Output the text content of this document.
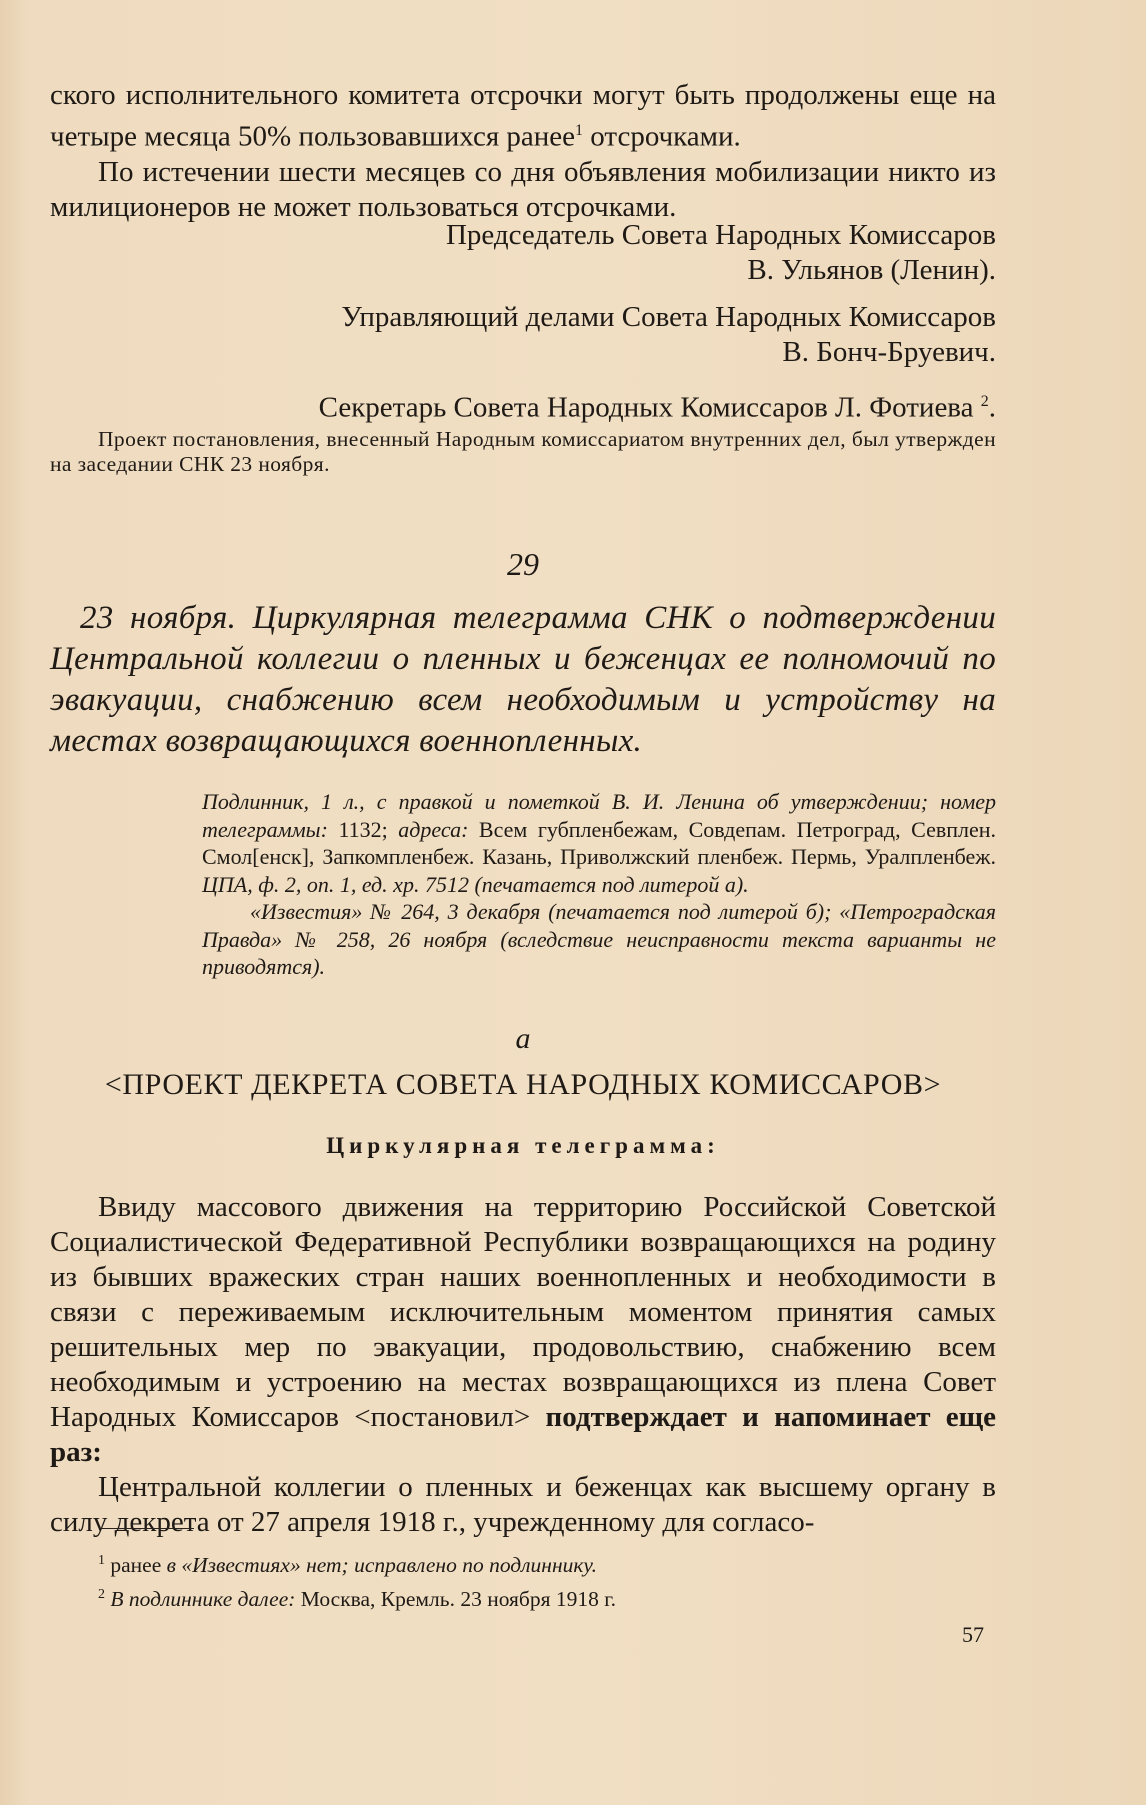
ского исполнительного комитета отсрочки могут быть продолжены еще на четыре месяца 50% пользовавшихся ранее$^1$ отсрочками.

По истечении шести месяцев со дня объявления мобилизации никто из милиционеров не может пользоваться отсрочками.

Председатель Совета Народных Комиссаров

В. Ульянов (Ленин).

Управляющий делами Совета Народных Комиссаров

В. Бонч-Бруевич.

Секретарь Совета Народных Комиссаров Л. Фотиева $^2$.

Проект постановления, внесенный Народным комиссариатом внутренних дел, был утвержден на заседании СНК 23 ноября.

29

23 ноября. Циркулярная телеграмма СНК о подтверждении Центральной коллегии о пленных и беженцах ее полномочий по эвакуации, снабжению всем необходимым и устройству на местах возвращающихся военнопленных.

Подлинник, 1 л., с правкой и пометкой В. И. Ленина об утверждении; номер телеграммы: 1132; адреса: Всем губпленбежам, Совдепам. Петроград, Севплен. Смол[енск], Запкомпленбеж. Казань, Приволжский пленбеж. Пермь, Уралпленбеж. ЦПА, ф. 2, оп. 1, ед. хр. 7512 (печатается под литерой а).

«Известия» № 264, 3 декабря (печатается под литерой б); «Петроградская Правда» № 258, 26 ноября (вследствие неисправности текста варианты не приводятся).

а

<ПРОЕКТ ДЕКРЕТА СОВЕТА НАРОДНЫХ КОМИССАРОВ>

Циркулярная телеграмма:

Ввиду массового движения на территорию Российской Советской Социалистической Федеративной Республики возвращающихся на родину из бывших вражеских стран наших военнопленных и необходимости в связи с переживаемым исключительным моментом принятия самых решительных мер по эвакуации, продовольствию, снабжению всем необходимым и устроению на местах возвращающихся из плена Совет Народных Комиссаров <постановил> подтверждает и напоминает еще раз:

Центральной коллегии о пленных и беженцах как высшему органу в силу декрета от 27 апреля 1918 г., учрежденному для согласо-

$^1$ ранее в «Известиях» нет; исправлено по подлиннику.

$^2$ В подлиннике далее: Москва, Кремль. 23 ноября 1918 г.

57
